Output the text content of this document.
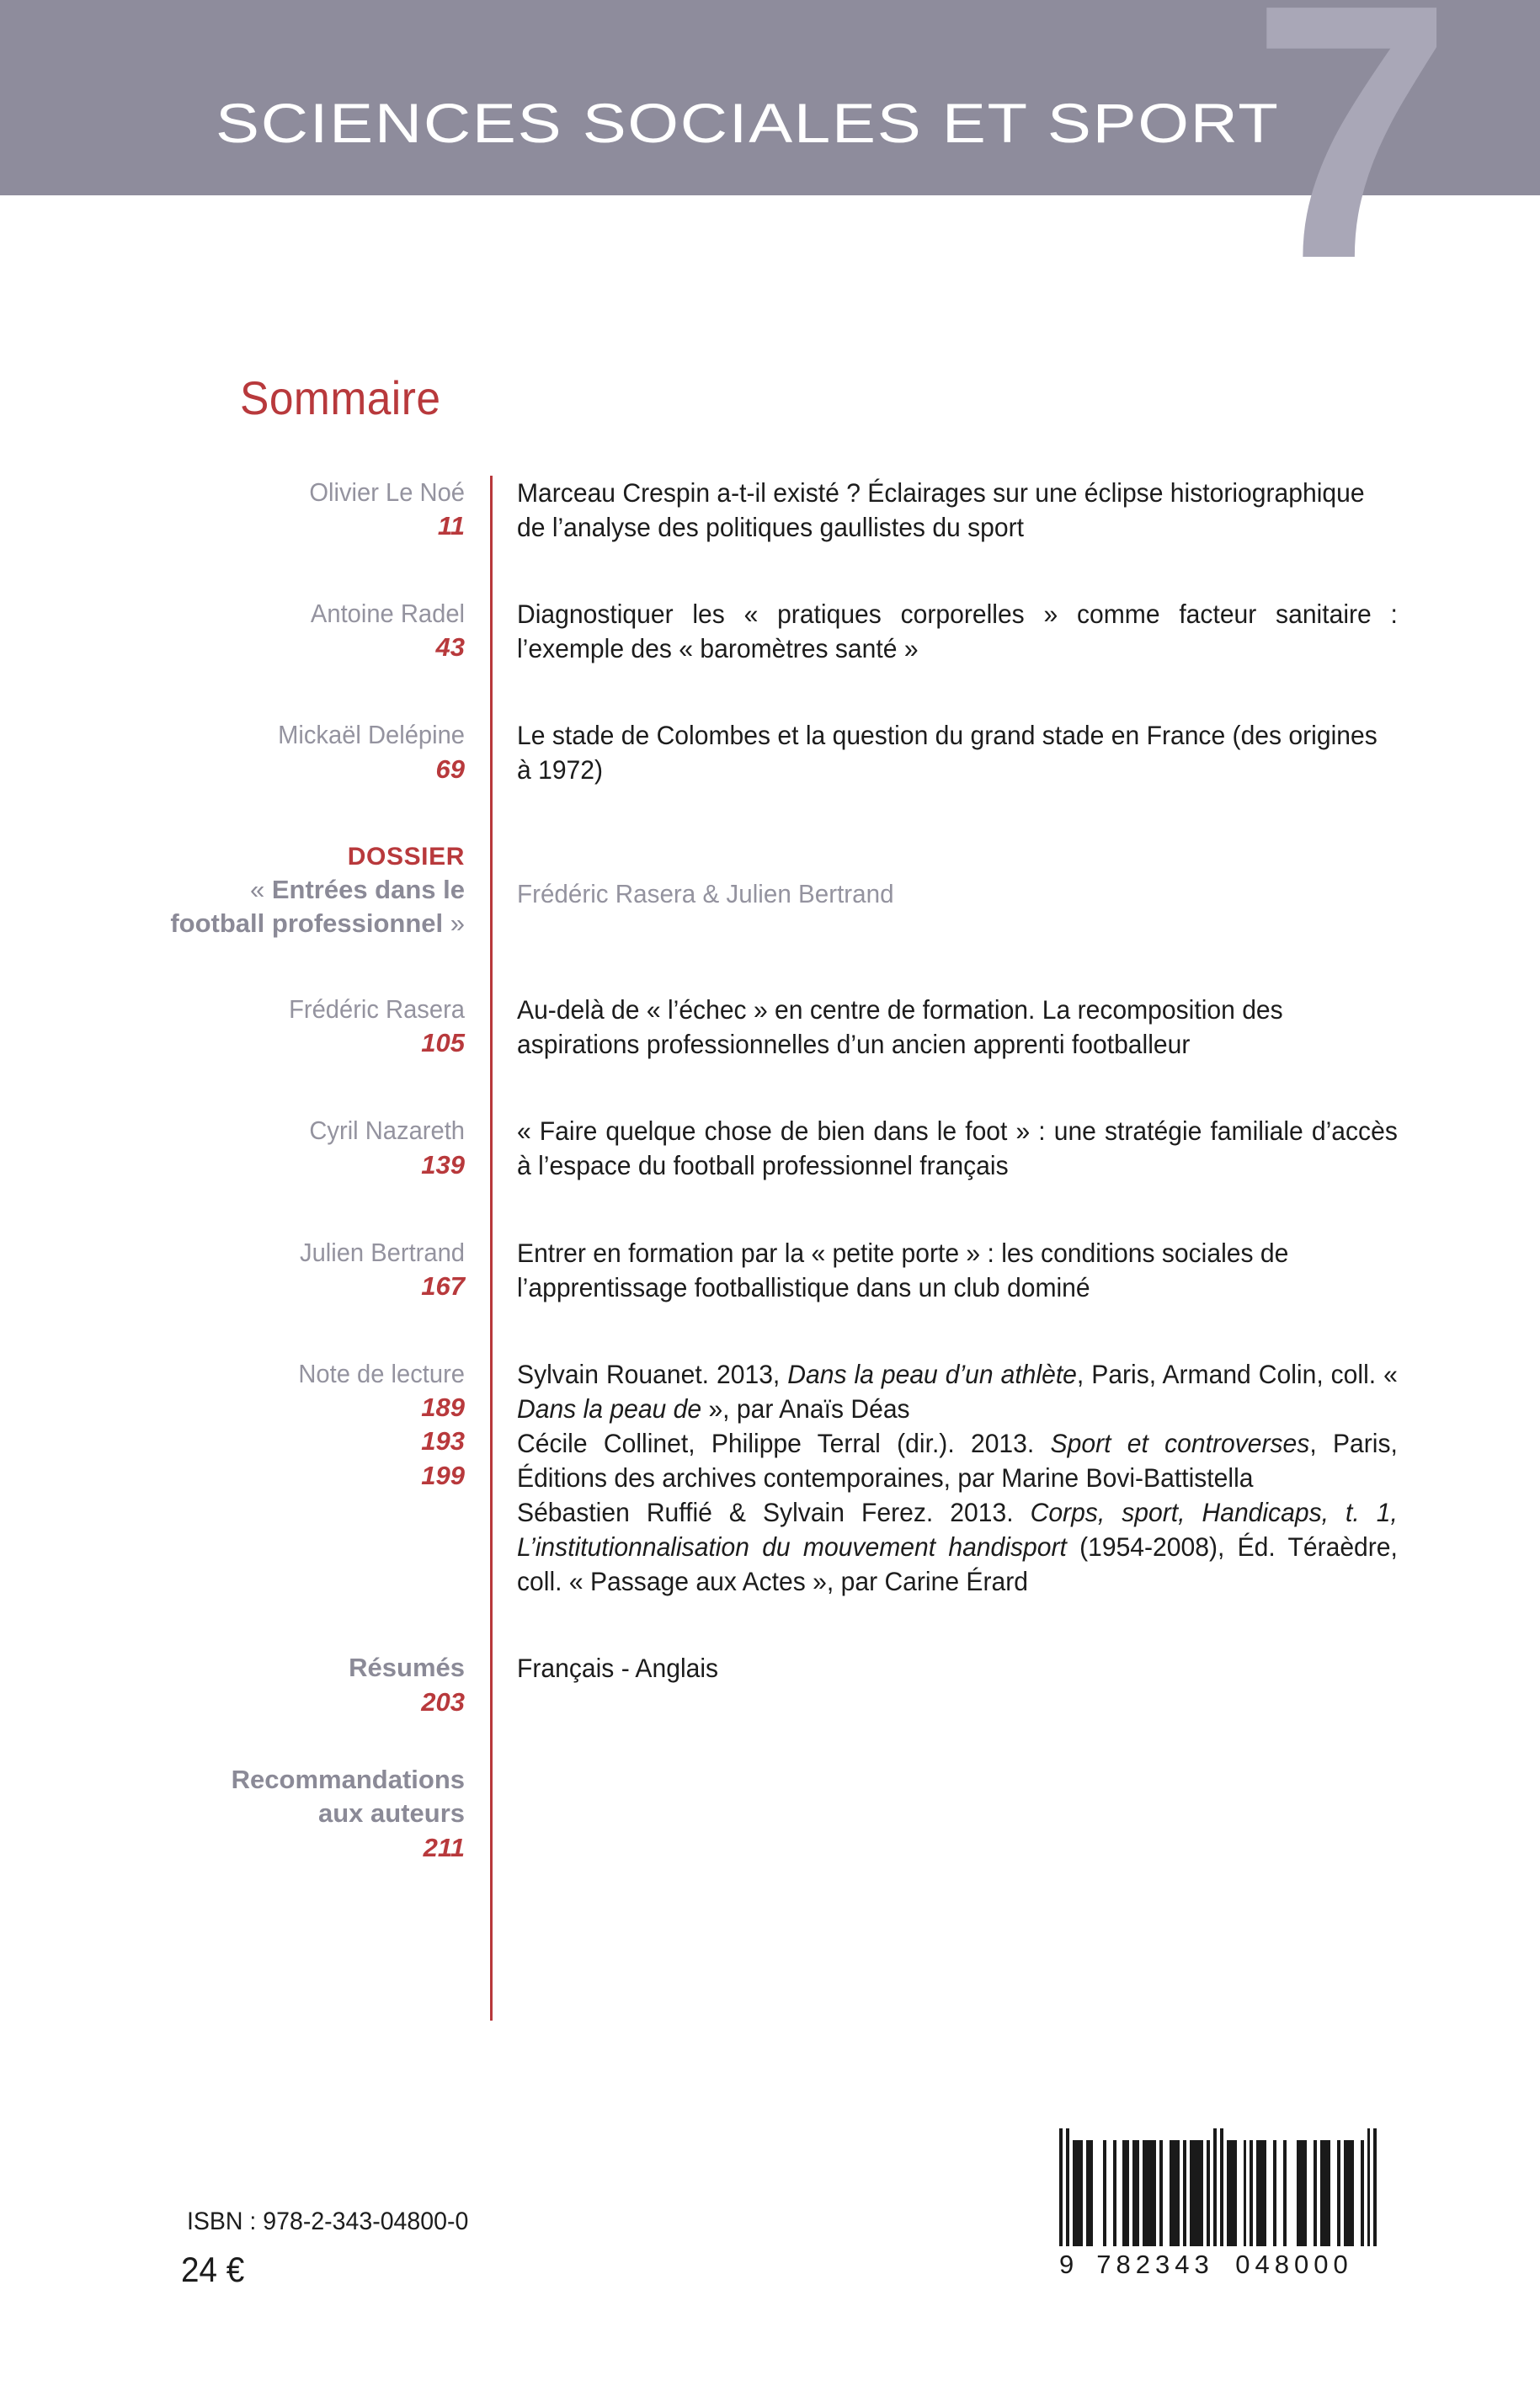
7
SCIENCES SOCIALES ET SPORT
Sommaire
Olivier Le Noé
11
Marceau Crespin a-t-il existé ? Éclairages sur une éclipse historiographique de l’analyse des politiques gaullistes du sport
Antoine Radel
43
Diagnostiquer les « pratiques corporelles » comme facteur sanitaire : l’exemple des « baromètres santé »
Mickaël Delépine
69
Le stade de Colombes et la question du grand stade en France (des origines à 1972)
DOSSIER
« Entrées dans le
football professionnel »
Frédéric Rasera & Julien Bertrand
Frédéric Rasera
105
Au-delà de « l’échec » en centre de formation. La recomposition des aspirations professionnelles d’un ancien apprenti footballeur
Cyril Nazareth
139
« Faire quelque chose de bien dans le foot » : une stratégie familiale d’accès à l’espace du football professionnel français
Julien Bertrand
167
Entrer en formation par la « petite porte » : les conditions sociales de l’apprentissage footballistique dans un club dominé
Note de lecture
189
193
199
Sylvain Rouanet. 2013, Dans la peau d’un athlète, Paris, Armand Colin, coll. « Dans la peau de », par Anaïs Déas
Cécile Collinet, Philippe Terral (dir.). 2013. Sport et controverses, Paris, Éditions des archives contemporaines, par Marine Bovi-Battistella
Sébastien Ruffié & Sylvain Ferez. 2013. Corps, sport, Handicaps, t. 1, L’institutionnalisation du mouvement handisport (1954-2008), Éd. Téraèdre, coll. « Passage aux Actes », par Carine Érard
Résumés
203
Français - Anglais
Recommandations
aux auteurs
211
ISBN : 978-2-343-04800-0
24 €	9 782343 048000
